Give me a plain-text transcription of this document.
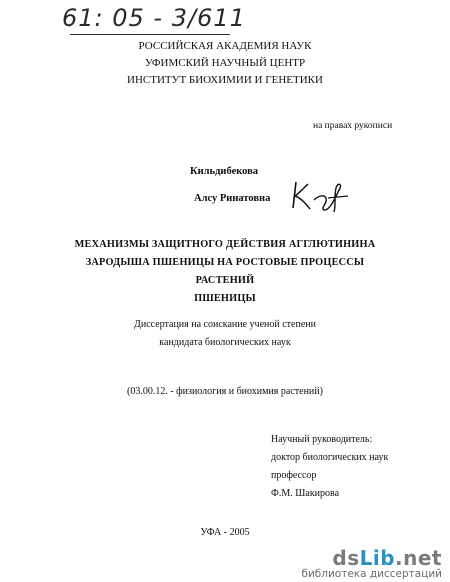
61: 05 - 3/611
РОССИЙСКАЯ АКАДЕМИЯ НАУК
УФИМСКИЙ НАУЧНЫЙ ЦЕНТР
ИНСТИТУТ БИОХИМИИ И ГЕНЕТИКИ
на правах рукописи
Кильдибекова
Алсу Ринатовна
МЕХАНИЗМЫ ЗАЩИТНОГО ДЕЙСТВИЯ АГГЛЮТИНИНА
ЗАРОДЫША ПШЕНИЦЫ НА РОСТОВЫЕ ПРОЦЕССЫ РАСТЕНИЙ
ПШЕНИЦЫ
Диссертация на соискание ученой степени
кандидата биологических наук
(03.00.12. - физиология и биохимия растений)
Научный руководитель:
доктор биологических наук
профессор
Ф.М. Шакирова
УФА - 2005
dsLib.net
библиотека диссертаций
